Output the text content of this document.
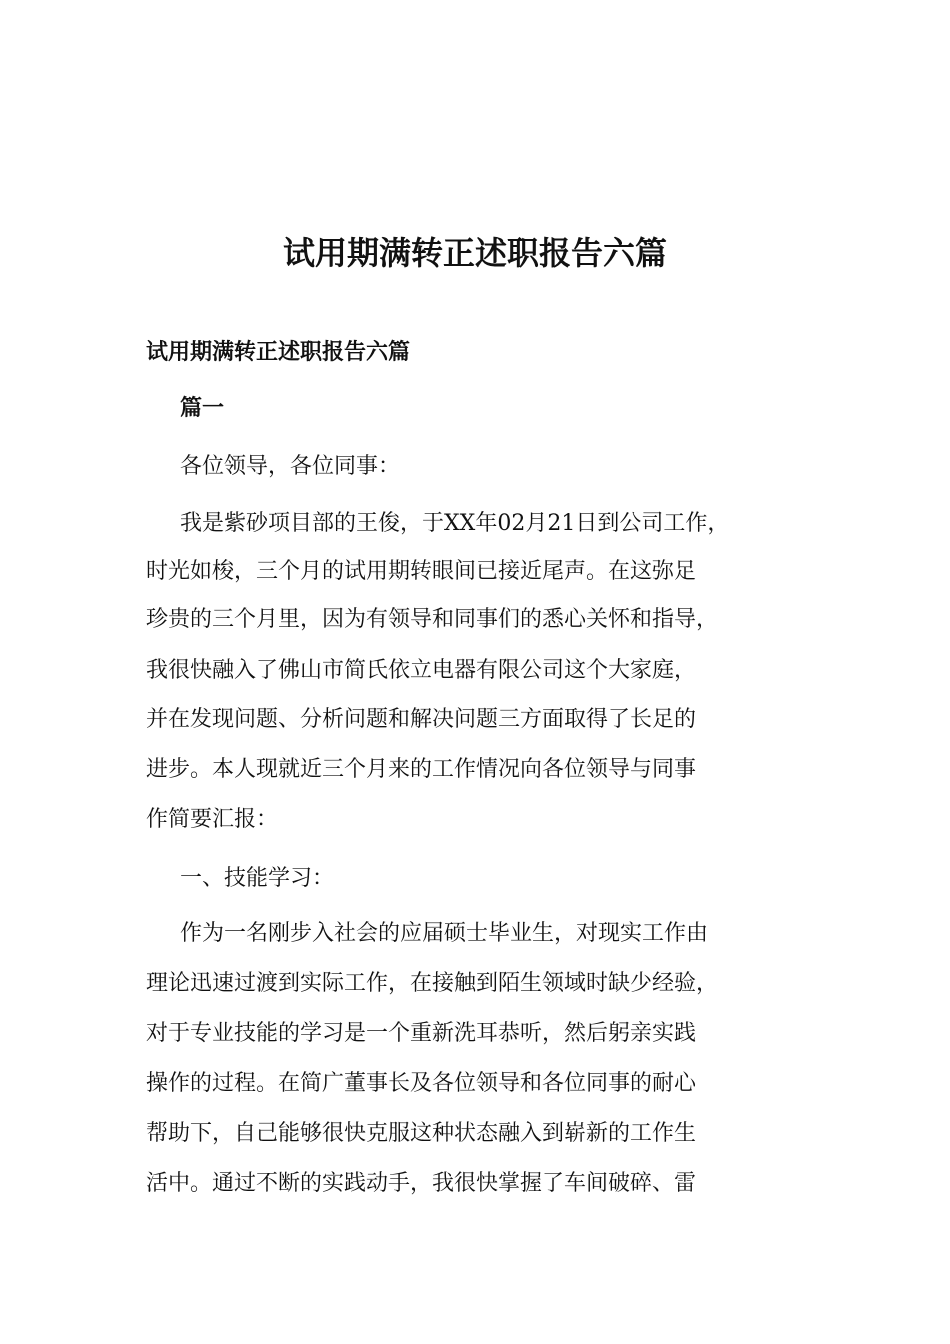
试用期满转正述职报告六篇
试用期满转正述职报告六篇
篇一
各位领导，各位同事：
我是紫砂项目部的王俊，于XX年02月21日到公司工作，
时光如梭，三个月的试用期转眼间已接近尾声。在这弥足
珍贵的三个月里，因为有领导和同事们的悉心关怀和指导，
我很快融入了佛山市简氏依立电器有限公司这个大家庭，
并在发现问题、分析问题和解决问题三方面取得了长足的
进步。本人现就近三个月来的工作情况向各位领导与同事
作简要汇报：
一、技能学习：
作为一名刚步入社会的应届硕士毕业生，对现实工作由
理论迅速过渡到实际工作，在接触到陌生领域时缺少经验，
对于专业技能的学习是一个重新洗耳恭听，然后躬亲实践
操作的过程。在简广董事长及各位领导和各位同事的耐心
帮助下，自己能够很快克服这种状态融入到崭新的工作生
活中。通过不断的实践动手，我很快掌握了车间破碎、雷
